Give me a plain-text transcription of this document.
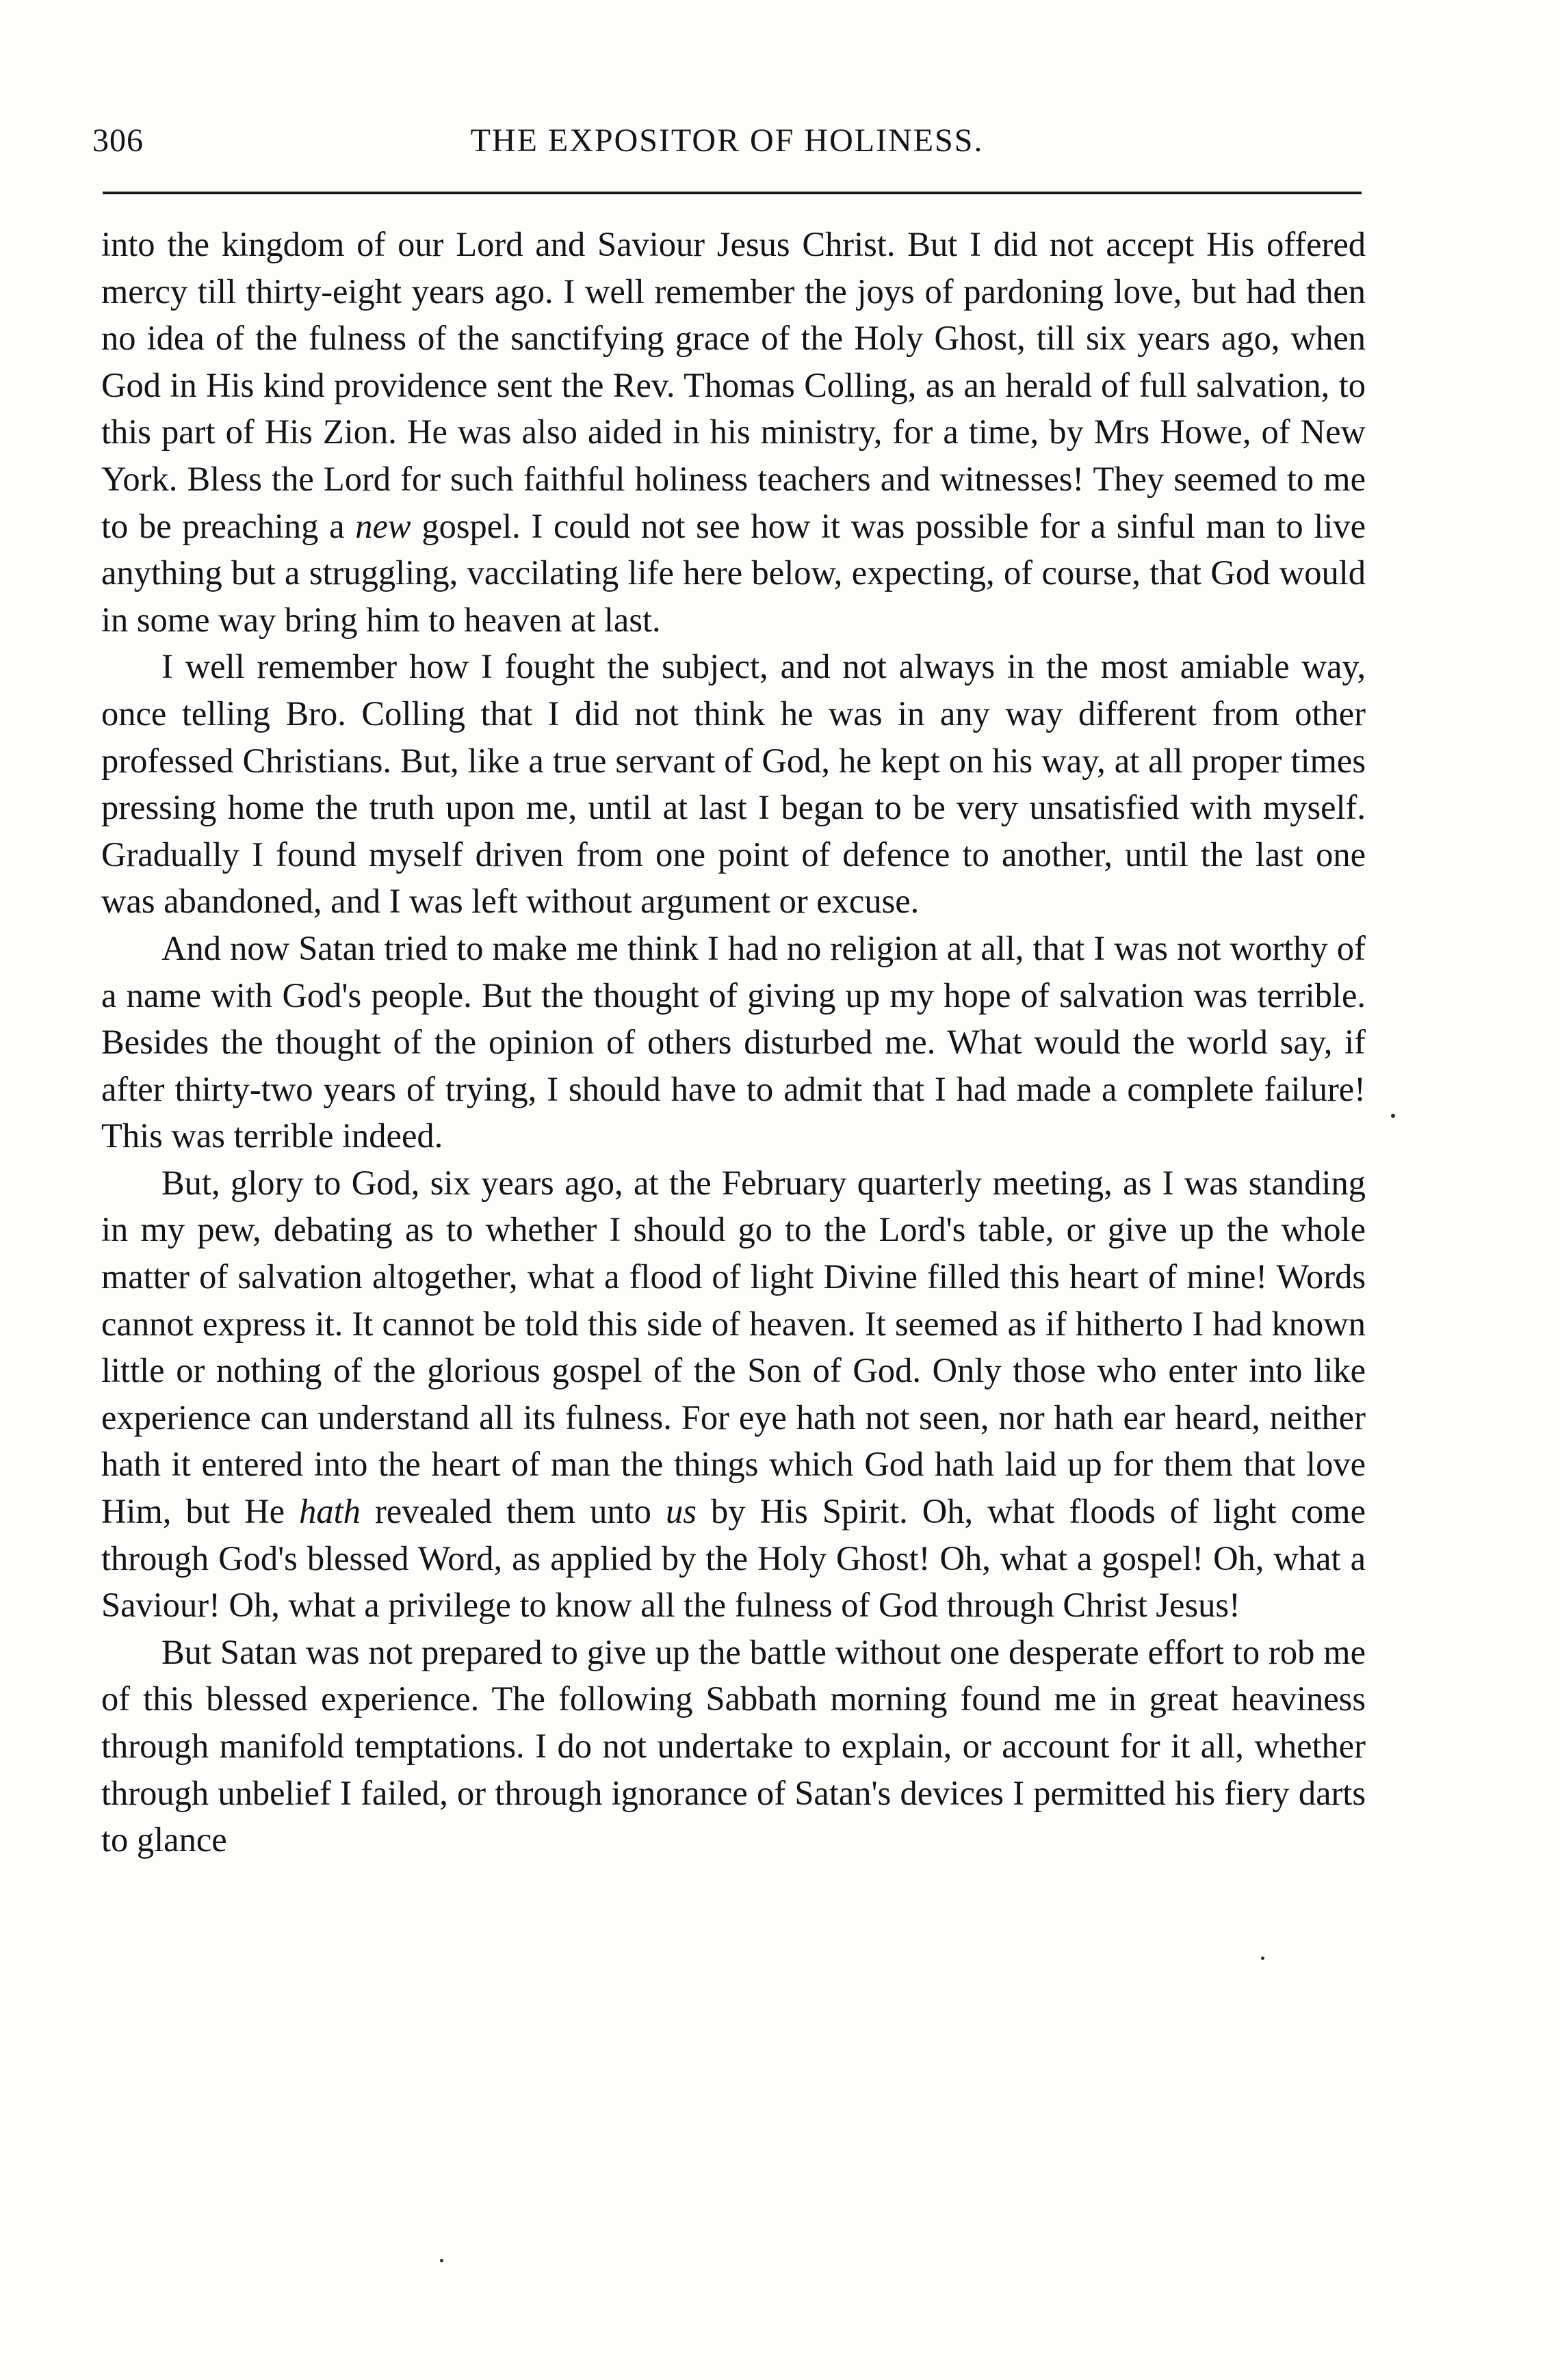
306	THE EXPOSITOR OF HOLINESS.

into the kingdom of our Lord and Saviour Jesus Christ. But I did not accept His offered mercy till thirty-eight years ago. I well remember the joys of pardoning love, but had then no idea of the fulness of the sanctifying grace of the Holy Ghost, till six years ago, when God in His kind providence sent the Rev. Thomas Colling, as an herald of full salvation, to this part of His Zion. He was also aided in his ministry, for a time, by Mrs Howe, of New York. Bless the Lord for such faithful holiness teachers and witnesses! They seemed to me to be preaching a new gospel. I could not see how it was possible for a sinful man to live anything but a struggling, vaccilating life here below, expecting, of course, that God would in some way bring him to heaven at last.

I well remember how I fought the subject, and not always in the most amiable way, once telling Bro. Colling that I did not think he was in any way different from other professed Christians. But, like a true servant of God, he kept on his way, at all proper times pressing home the truth upon me, until at last I began to be very unsatisfied with myself. Gradually I found myself driven from one point of defence to another, until the last one was abandoned, and I was left without argument or excuse.

And now Satan tried to make me think I had no religion at all, that I was not worthy of a name with God's people. But the thought of giving up my hope of salvation was terrible. Besides the thought of the opinion of others disturbed me. What would the world say, if after thirty-two years of trying, I should have to admit that I had made a complete failure! This was terrible indeed.

But, glory to God, six years ago, at the February quarterly meeting, as I was standing in my pew, debating as to whether I should go to the Lord's table, or give up the whole matter of salvation altogether, what a flood of light Divine filled this heart of mine! Words cannot express it. It cannot be told this side of heaven. It seemed as if hitherto I had known little or nothing of the glorious gospel of the Son of God. Only those who enter into like experience can understand all its fulness. For eye hath not seen, nor hath ear heard, neither hath it entered into the heart of man the things which God hath laid up for them that love Him, but He hath revealed them unto us by His Spirit. Oh, what floods of light come through God's blessed Word, as applied by the Holy Ghost! Oh, what a gospel! Oh, what a Saviour! Oh, what a privilege to know all the fulness of God through Christ Jesus!

But Satan was not prepared to give up the battle without one desperate effort to rob me of this blessed experience. The following Sabbath morning found me in great heaviness through manifold temptations. I do not undertake to explain, or account for it all, whether through unbelief I failed, or through ignorance of Satan's devices I permitted his fiery darts to glance
